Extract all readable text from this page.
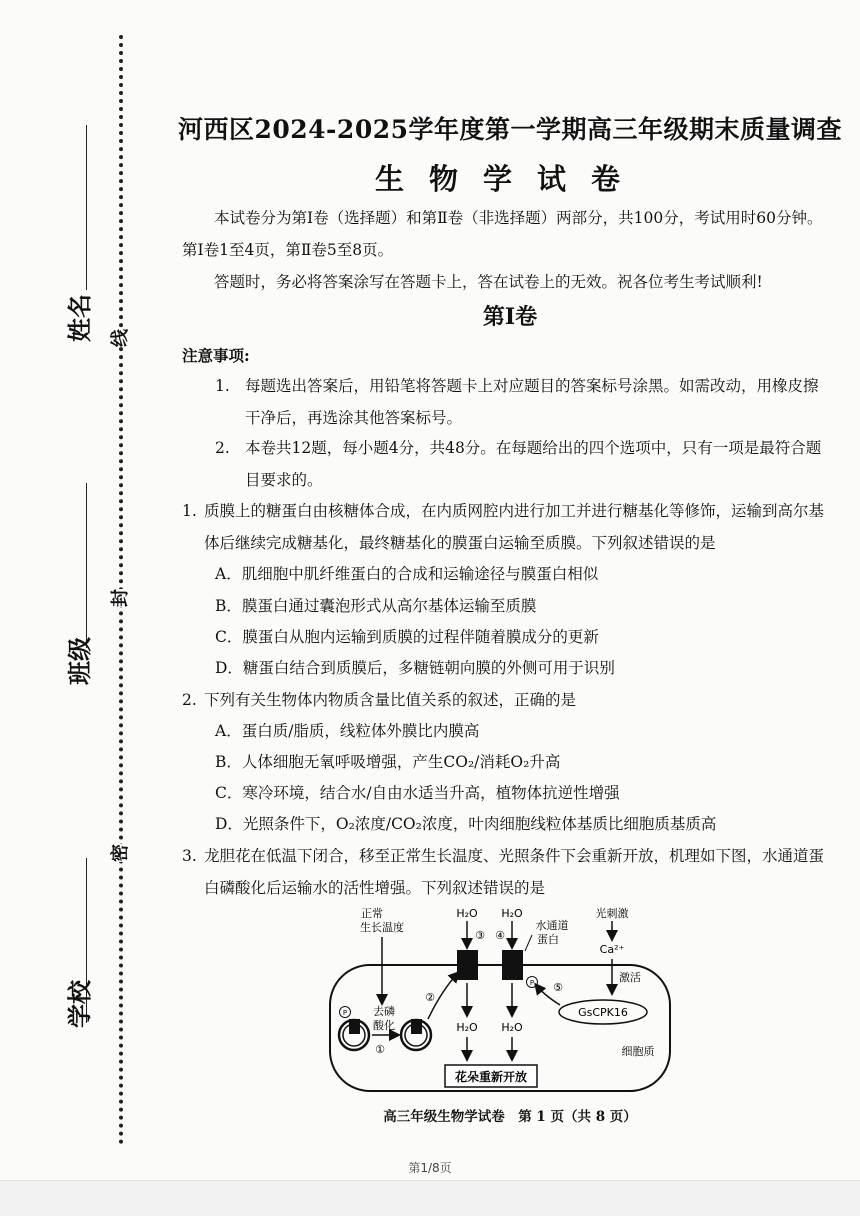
姓名 线
班级
封
学校
密
河西区2024-2025学年度第一学期高三年级期末质量调查
生物学试卷
本试卷分为第Ⅰ卷（选择题）和第Ⅱ卷（非选择题）两部分，共100分，考试用时60分钟。第Ⅰ卷1至4页，第Ⅱ卷5至8页。
答题时，务必将答案涂写在答题卡上，答在试卷上的无效。祝各位考生考试顺利!
第Ⅰ卷
注意事项:
1. 每题选出答案后，用铅笔将答题卡上对应题目的答案标号涂黑。如需改动，用橡皮擦干净后，再选涂其他答案标号。
2. 本卷共12题，每小题4分，共48分。在每题给出的四个选项中，只有一项是最符合题目要求的。
1. 质膜上的糖蛋白由核糖体合成，在内质网腔内进行加工并进行糖基化等修饰，运输到高尔基体后继续完成糖基化，最终糖基化的膜蛋白运输至质膜。下列叙述错误的是
A．肌细胞中肌纤维蛋白的合成和运输途径与膜蛋白相似
B．膜蛋白通过囊泡形式从高尔基体运输至质膜
C．膜蛋白从胞内运输到质膜的过程伴随着膜成分的更新
D．糖蛋白结合到质膜后，多糖链朝向膜的外侧可用于识别
2. 下列有关生物体内物质含量比值关系的叙述，正确的是
A．蛋白质/脂质，线粒体外膜比内膜高
B．人体细胞无氧呼吸增强，产生CO₂/消耗O₂升高
C．寒冷环境，结合水/自由水适当升高，植物体抗逆性增强
D．光照条件下，O₂浓度/CO₂浓度，叶肉细胞线粒体基质比细胞质基质高
3. 龙胆花在低温下闭合，移至正常生长温度、光照条件下会重新开放，机理如下图，水通道蛋白磷酸化后运输水的活性增强。下列叙述错误的是
正常
生长温度
P 去磷
酸化
①
②
H₂O
③
H₂O
H₂O
④
P
H₂O
水通道
蛋白
光刺激
Ca²⁺
激活
GsCPK16
⑤
细胞质
花朵重新开放
高三年级生物学试卷　第 1 页（共 8 页）
第1/8页
